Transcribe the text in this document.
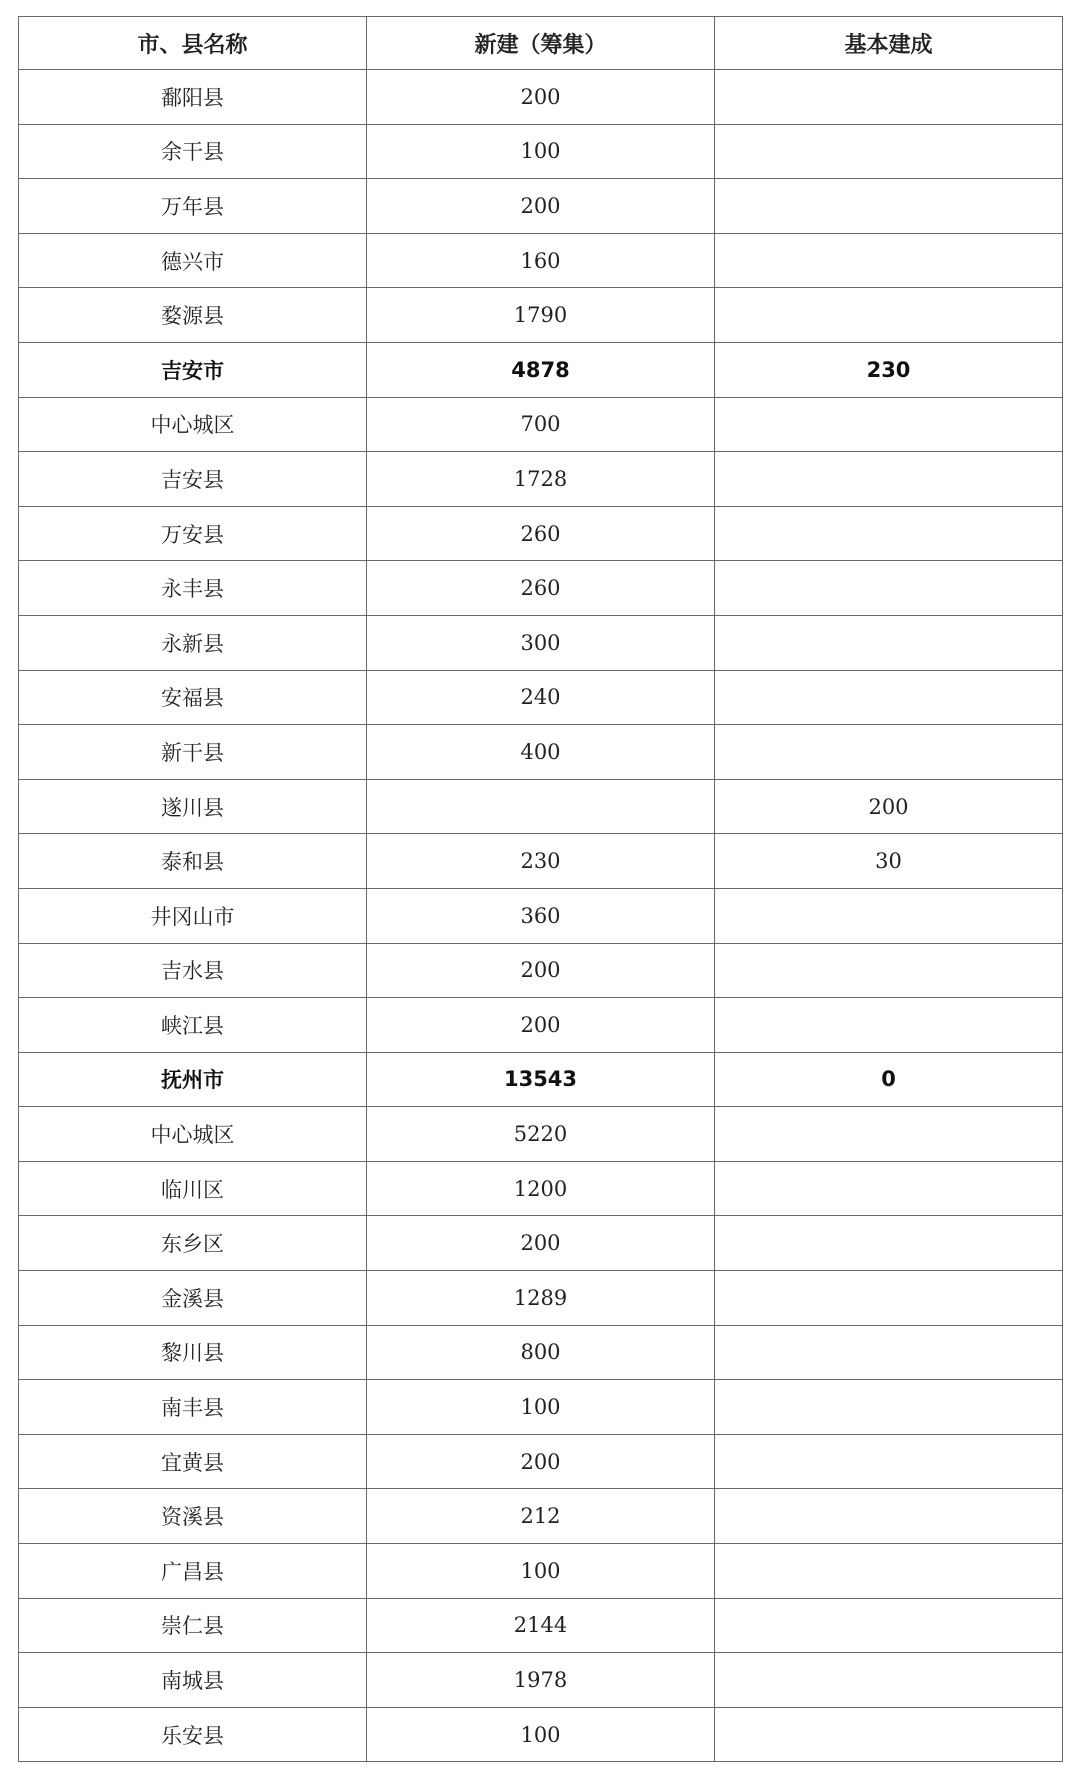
市、县名称	新建（筹集）	基本建成
鄱阳县	200	
余干县	100	
万年县	200	
德兴市	160	
婺源县	1790	
吉安市	4878	230
中心城区	700	
吉安县	1728	
万安县	260	
永丰县	260	
永新县	300	
安福县	240	
新干县	400	
遂川县		200
泰和县	230	30
井冈山市	360	
吉水县	200	
峡江县	200	
抚州市	13543	0
中心城区	5220	
临川区	1200	
东乡区	200	
金溪县	1289	
黎川县	800	
南丰县	100	
宜黄县	200	
资溪县	212	
广昌县	100	
崇仁县	2144	
南城县	1978	
乐安县	100	
